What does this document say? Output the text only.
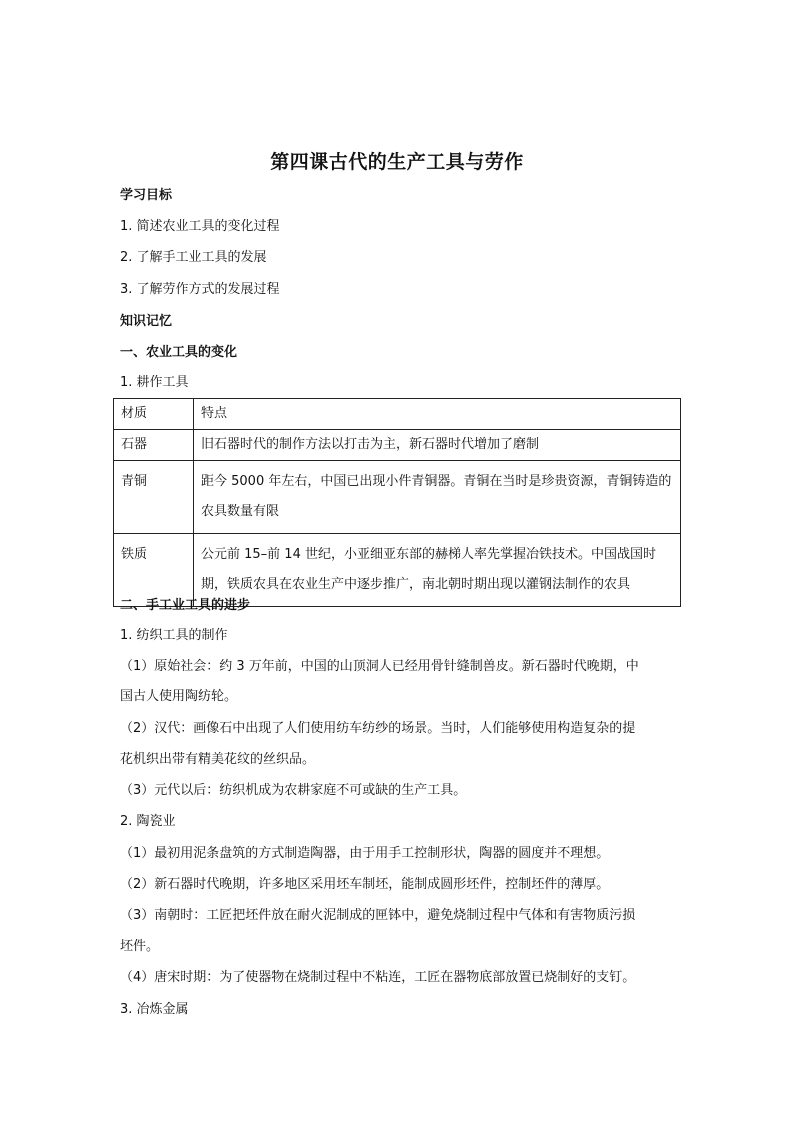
第四课古代的生产工具与劳作
学习目标
1. 简述农业工具的变化过程
2. 了解手工业工具的发展
3. 了解劳作方式的发展过程
知识记忆
一、农业工具的变化
1. 耕作工具
材质	特点
石器	旧石器时代的制作方法以打击为主，新石器时代增加了磨制
青铜	距今 5000 年左右，中国已出现小件青铜器。青铜在当时是珍贵资源，青铜铸造的农具数量有限
铁质	公元前 15–前 14 世纪，小亚细亚东部的赫梯人率先掌握冶铁技术。中国战国时期，铁质农具在农业生产中逐步推广，南北朝时期出现以灌钢法制作的农具
二、手工业工具的进步
1. 纺织工具的制作
（1）原始社会：约 3 万年前，中国的山顶洞人已经用骨针缝制兽皮。新石器时代晚期，中
国古人使用陶纺轮。
（2）汉代：画像石中出现了人们使用纺车纺纱的场景。当时，人们能够使用构造复杂的提
花机织出带有精美花纹的丝织品。
（3）元代以后：纺织机成为农耕家庭不可或缺的生产工具。
2. 陶瓷业
（1）最初用泥条盘筑的方式制造陶器，由于用手工控制形状，陶器的圆度并不理想。
（2）新石器时代晚期，许多地区采用坯车制坯，能制成圆形坯件，控制坯件的薄厚。
（3）南朝时：工匠把坯件放在耐火泥制成的匣钵中，避免烧制过程中气体和有害物质污损
坯件。
（4）唐宋时期：为了使器物在烧制过程中不粘连，工匠在器物底部放置已烧制好的支钉。
3. 冶炼金属
